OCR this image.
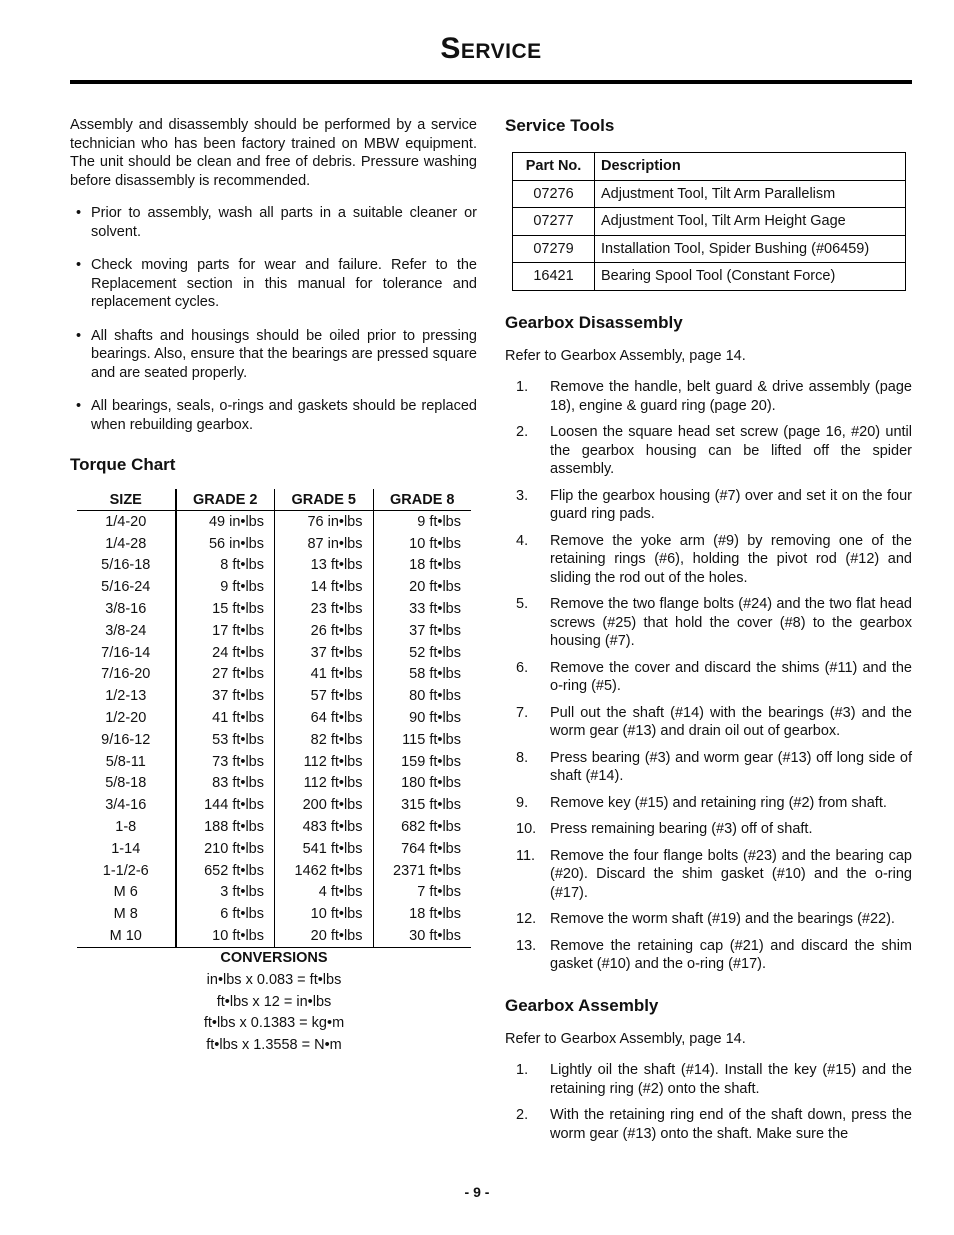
Service

Assembly and disassembly should be performed by a service technician who has been factory trained on MBW equipment. The unit should be clean and free of debris. Pressure washing before disassembly is recommended.

• Prior to assembly, wash all parts in a suitable cleaner or solvent.
• Check moving parts for wear and failure. Refer to the Replacement section in this manual for tolerance and replacement cycles.
• All shafts and housings should be oiled prior to pressing bearings. Also, ensure that the bearings are pressed square and are seated properly.
• All bearings, seals, o-rings and gaskets should be replaced when rebuilding gearbox.
Torque Chart
SIZE	GRADE 2	GRADE 5	GRADE 8
1/4-20	49 in•lbs	76 in•lbs	9 ft•lbs
1/4-28	56 in•lbs	87 in•lbs	10 ft•lbs
5/16-18	8 ft•lbs	13 ft•lbs	18 ft•lbs
5/16-24	9 ft•lbs	14 ft•lbs	20 ft•lbs
3/8-16	15 ft•lbs	23 ft•lbs	33 ft•lbs
3/8-24	17 ft•lbs	26 ft•lbs	37 ft•lbs
7/16-14	24 ft•lbs	37 ft•lbs	52 ft•lbs
7/16-20	27 ft•lbs	41 ft•lbs	58 ft•lbs
1/2-13	37 ft•lbs	57 ft•lbs	80 ft•lbs
1/2-20	41 ft•lbs	64 ft•lbs	90 ft•lbs
9/16-12	53 ft•lbs	82 ft•lbs	115 ft•lbs
5/8-11	73 ft•lbs	112 ft•lbs	159 ft•lbs
5/8-18	83 ft•lbs	112 ft•lbs	180 ft•lbs
3/4-16	144 ft•lbs	200 ft•lbs	315 ft•lbs
1-8	188 ft•lbs	483 ft•lbs	682 ft•lbs
1-14	210 ft•lbs	541 ft•lbs	764 ft•lbs
1-1/2-6	652 ft•lbs	1462 ft•lbs	2371 ft•lbs
M 6	3 ft•lbs	4 ft•lbs	7 ft•lbs
M 8	6 ft•lbs	10 ft•lbs	18 ft•lbs
M 10	10 ft•lbs	20 ft•lbs	30 ft•lbs
CONVERSIONS			
in•lbs x 0.083 = ft•lbs			
ft•lbs x 12 = in•lbs			
ft•lbs x 0.1383 = kg•m			
ft•lbs x 1.3558 = N•m			
Service Tools
Part No.	Description
07276	Adjustment Tool, Tilt Arm Parallelism
07277	Adjustment Tool, Tilt Arm Height Gage
07279	Installation Tool, Spider Bushing (#06459)
16421	Bearing Spool Tool (Constant Force)
Gearbox Disassembly

Refer to Gearbox Assembly, page 14.

1. Remove the handle, belt guard & drive assembly (page 18), engine & guard ring (page 20).
2. Loosen the square head set screw (page 16, #20) until the gearbox housing can be lifted off the spider assembly.
3. Flip the gearbox housing (#7) over and set it on the four guard ring pads.
4. Remove the yoke arm (#9) by removing one of the retaining rings (#6), holding the pivot rod (#12) and sliding the rod out of the holes.
5. Remove the two flange bolts (#24) and the two flat head screws (#25) that hold the cover (#8) to the gearbox housing (#7).
6. Remove the cover and discard the shims (#11) and the o-ring (#5).
7. Pull out the shaft (#14) with the bearings (#3) and the worm gear (#13) and drain oil out of gearbox.
8. Press bearing (#3) and worm gear (#13) off long side of shaft (#14).
9. Remove key (#15) and retaining ring (#2) from shaft.
10. Press remaining bearing (#3) off of shaft.
11. Remove the four flange bolts (#23) and the bearing cap (#20). Discard the shim gasket (#10) and the o-ring (#17).
12. Remove the worm shaft (#19) and the bearings (#22).
13. Remove the retaining cap (#21) and discard the shim gasket (#10) and the o-ring (#17).
Gearbox Assembly

Refer to Gearbox Assembly, page 14.

1. Lightly oil the shaft (#14). Install the key (#15) and the retaining ring (#2) onto the shaft.
2. With the retaining ring end of the shaft down, press the worm gear (#13) onto the shaft. Make sure the
- 9 -
